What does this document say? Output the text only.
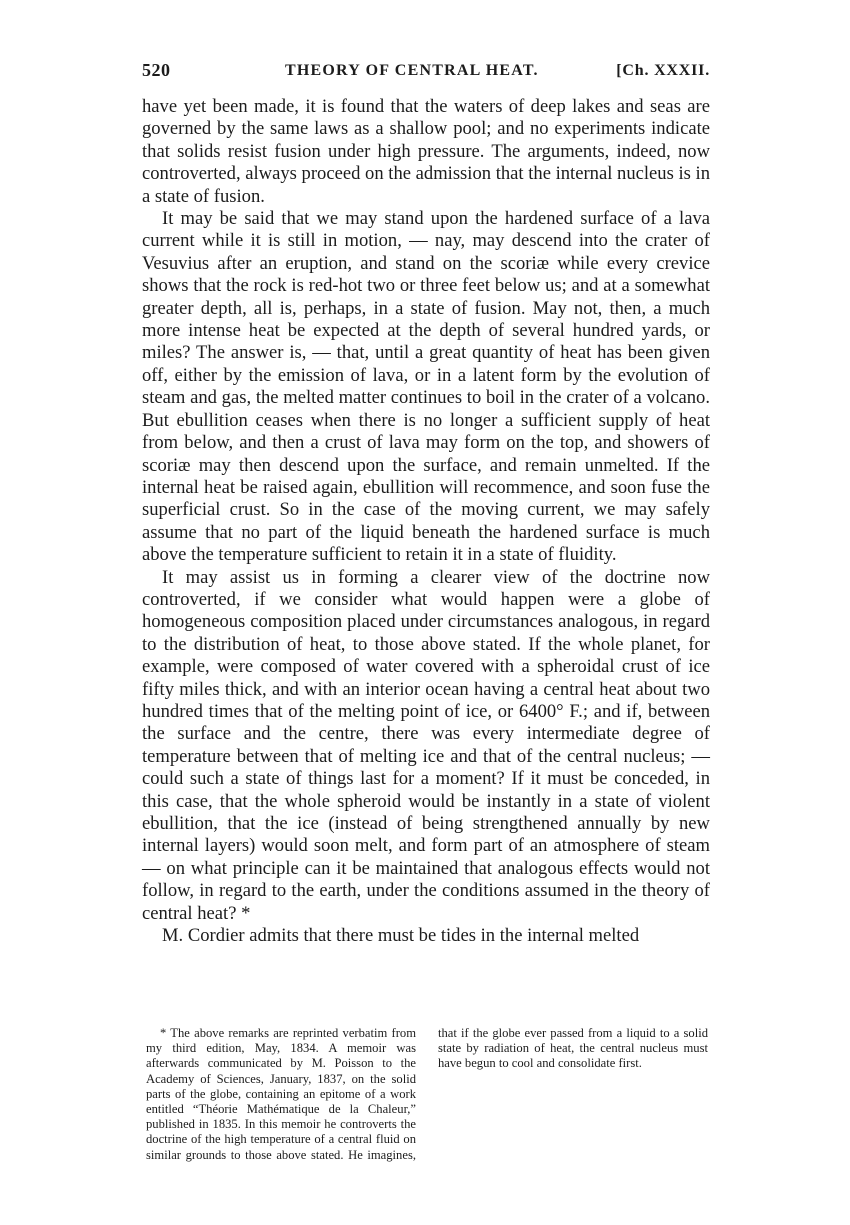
520	THEORY OF CENTRAL HEAT.	[Ch. XXXII.

have yet been made, it is found that the waters of deep lakes and seas are governed by the same laws as a shallow pool; and no experiments indicate that solids resist fusion under high pressure. The arguments, indeed, now controverted, always proceed on the admission that the internal nucleus is in a state of fusion.

It may be said that we may stand upon the hardened surface of a lava current while it is still in motion, — nay, may descend into the crater of Vesuvius after an eruption, and stand on the scoriæ while every crevice shows that the rock is red-hot two or three feet below us; and at a somewhat greater depth, all is, perhaps, in a state of fusion. May not, then, a much more intense heat be expected at the depth of several hundred yards, or miles? The answer is, — that, until a great quantity of heat has been given off, either by the emission of lava, or in a latent form by the evolution of steam and gas, the melted matter continues to boil in the crater of a volcano. But ebullition ceases when there is no longer a sufficient supply of heat from below, and then a crust of lava may form on the top, and showers of scoriæ may then descend upon the surface, and remain unmelted. If the internal heat be raised again, ebullition will recommence, and soon fuse the superficial crust. So in the case of the moving current, we may safely assume that no part of the liquid beneath the hardened surface is much above the temperature sufficient to retain it in a state of fluidity.

It may assist us in forming a clearer view of the doctrine now controverted, if we consider what would happen were a globe of homogeneous composition placed under circumstances analogous, in regard to the distribution of heat, to those above stated. If the whole planet, for example, were composed of water covered with a spheroidal crust of ice fifty miles thick, and with an interior ocean having a central heat about two hundred times that of the melting point of ice, or 6400° F.; and if, between the surface and the centre, there was every intermediate degree of temperature between that of melting ice and that of the central nucleus; — could such a state of things last for a moment? If it must be conceded, in this case, that the whole spheroid would be instantly in a state of violent ebullition, that the ice (instead of being strengthened annually by new internal layers) would soon melt, and form part of an atmosphere of steam — on what principle can it be maintained that analogous effects would not follow, in regard to the earth, under the conditions assumed in the theory of central heat? *

M. Cordier admits that there must be tides in the internal melted

* The above remarks are reprinted verbatim from my third edition, May, 1834. A memoir was afterwards communicated by M. Poisson to the Academy of Sciences, January, 1837, on the solid parts of the globe, containing an epitome of a work entitled “Théorie Mathématique de la Chaleur,” published in 1835. In this memoir he controverts the doctrine of the high temperature of a central fluid on similar grounds to those above stated. He imagines, that if the globe ever passed from a liquid to a solid state by radiation of heat, the central nucleus must have begun to cool and consolidate first.
